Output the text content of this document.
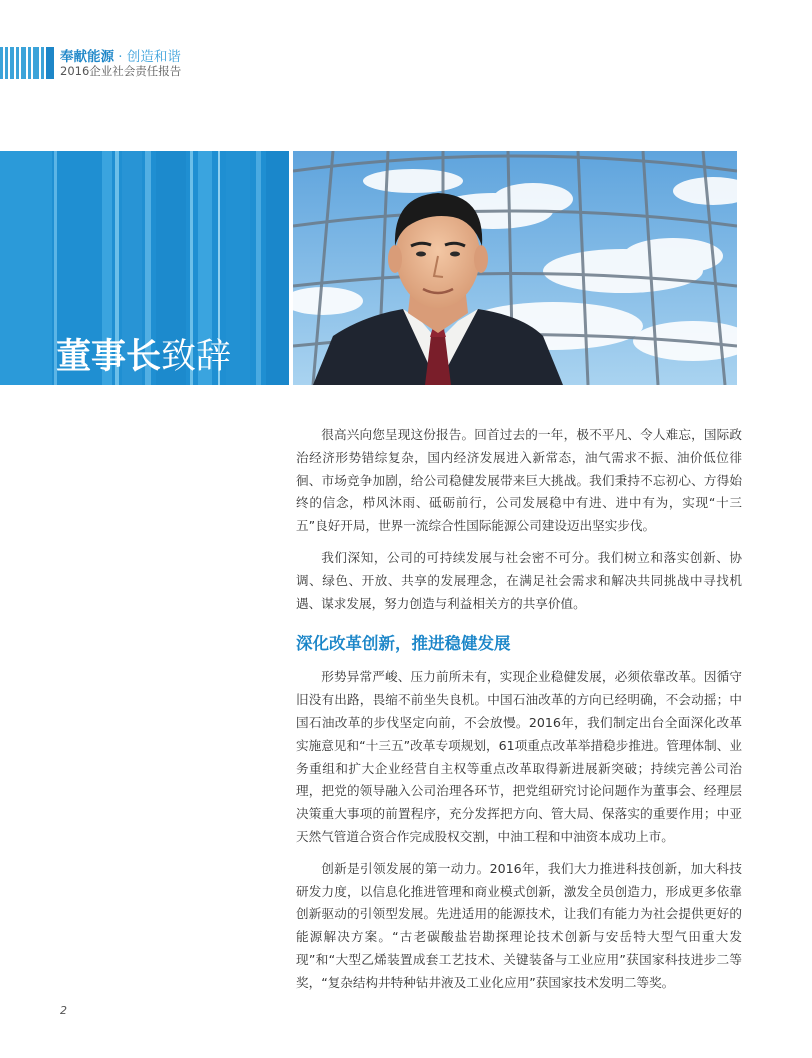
奉献能源 · 创造和谐
2016企业社会责任报告
董事长致辞

很高兴向您呈现这份报告。回首过去的一年，极不平凡、令人难忘，国际政治经济形势错综复杂，国内经济发展进入新常态，油气需求不振、油价低位徘徊、市场竞争加剧，给公司稳健发展带来巨大挑战。我们秉持不忘初心、方得始终的信念，栉风沐雨、砥砺前行，公司发展稳中有进、进中有为，实现“十三五”良好开局，世界一流综合性国际能源公司建设迈出坚实步伐。

我们深知，公司的可持续发展与社会密不可分。我们树立和落实创新、协调、绿色、开放、共享的发展理念，在满足社会需求和解决共同挑战中寻找机遇、谋求发展，努力创造与利益相关方的共享价值。

深化改革创新，推进稳健发展

形势异常严峻、压力前所未有，实现企业稳健发展，必须依靠改革。因循守旧没有出路，畏缩不前坐失良机。中国石油改革的方向已经明确，不会动摇；中国石油改革的步伐坚定向前，不会放慢。2016年，我们制定出台全面深化改革实施意见和“十三五”改革专项规划，61项重点改革举措稳步推进。管理体制、业务重组和扩大企业经营自主权等重点改革取得新进展新突破；持续完善公司治理，把党的领导融入公司治理各环节，把党组研究讨论问题作为董事会、经理层决策重大事项的前置程序，充分发挥把方向、管大局、保落实的重要作用；中亚天然气管道合资合作完成股权交割，中油工程和中油资本成功上市。

创新是引领发展的第一动力。2016年，我们大力推进科技创新，加大科技研发力度，以信息化推进管理和商业模式创新，激发全员创造力，形成更多依靠创新驱动的引领型发展。先进适用的能源技术，让我们有能力为社会提供更好的能源解决方案。“古老碳酸盐岩勘探理论技术创新与安岳特大型气田重大发现”和“大型乙烯装置成套工艺技术、关键装备与工业应用”获国家科技进步二等奖，“复杂结构井特种钻井液及工业化应用”获国家技术发明二等奖。

2
